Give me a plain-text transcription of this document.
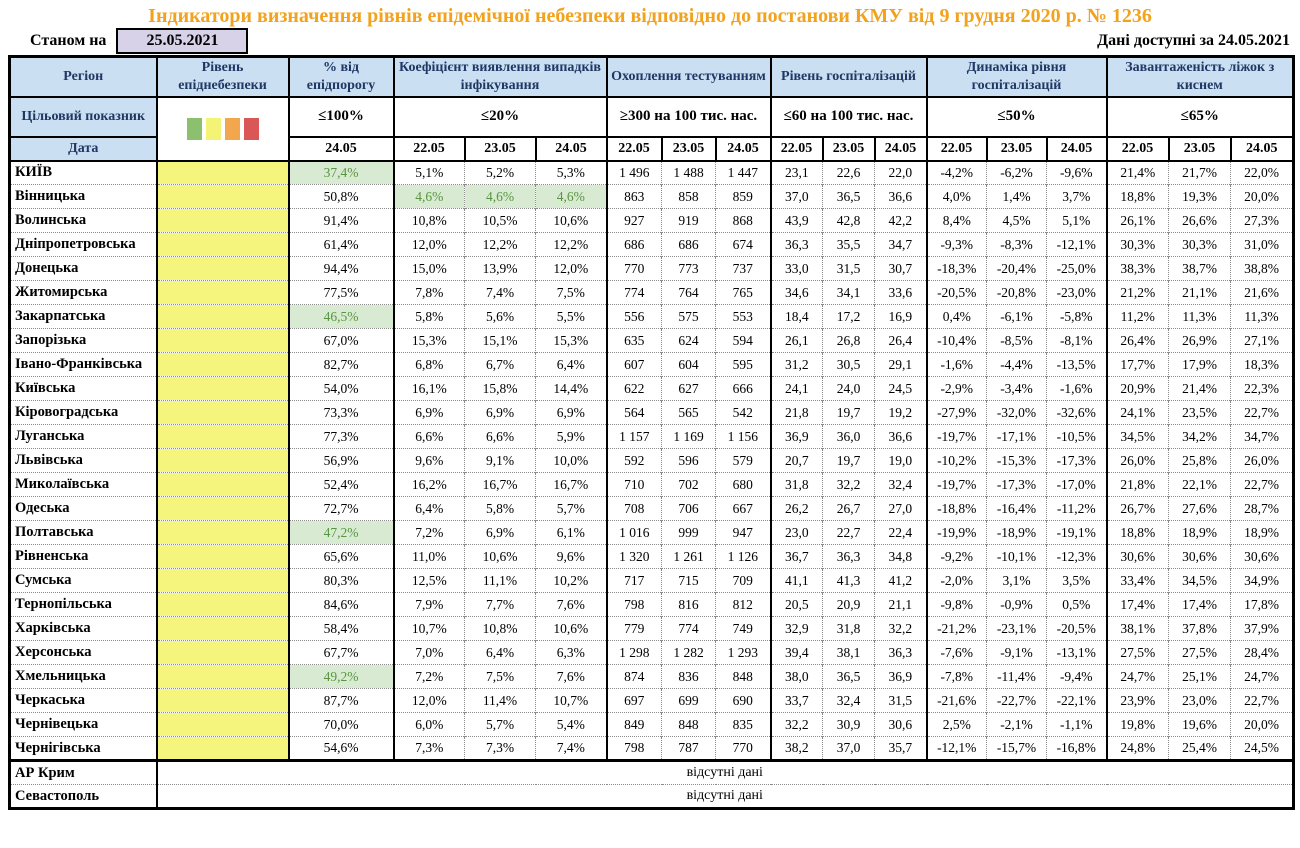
Індикатори визначення рівнів епідемічної небезпеки відповідно до постанови КМУ від 9 грудня 2020 р. № 1236
Станом на	25.05.2021	Дані доступні за 24.05.2021
Регіон	Рівень епіднебезпеки	% від епідпорогу	Коефіцієнт виявлення випадків інфікування			Охоплення тестуванням			Рівень госпіталізацій			Динаміка рівня госпіталізацій			Завантаженість ліжок з киснем		
Цільовий показник		≤100%	≤20%			≥300 на 100 тис. нас.			≤60 на 100 тис. нас.			≤50%			≤65%		
Дата		24.05	22.05	23.05	24.05	22.05	23.05	24.05	22.05	23.05	24.05	22.05	23.05	24.05	22.05	23.05	24.05
КИЇВ		37,4%	5,1%	5,2%	5,3%	1 496	1 488	1 447	23,1	22,6	22,0	-4,2%	-6,2%	-9,6%	21,4%	21,7%	22,0%
Вінницька		50,8%	4,6%	4,6%	4,6%	863	858	859	37,0	36,5	36,6	4,0%	1,4%	3,7%	18,8%	19,3%	20,0%
Волинська		91,4%	10,8%	10,5%	10,6%	927	919	868	43,9	42,8	42,2	8,4%	4,5%	5,1%	26,1%	26,6%	27,3%
Дніпропетровська		61,4%	12,0%	12,2%	12,2%	686	686	674	36,3	35,5	34,7	-9,3%	-8,3%	-12,1%	30,3%	30,3%	31,0%
Донецька		94,4%	15,0%	13,9%	12,0%	770	773	737	33,0	31,5	30,7	-18,3%	-20,4%	-25,0%	38,3%	38,7%	38,8%
Житомирська		77,5%	7,8%	7,4%	7,5%	774	764	765	34,6	34,1	33,6	-20,5%	-20,8%	-23,0%	21,2%	21,1%	21,6%
Закарпатська		46,5%	5,8%	5,6%	5,5%	556	575	553	18,4	17,2	16,9	0,4%	-6,1%	-5,8%	11,2%	11,3%	11,3%
Запорізька		67,0%	15,3%	15,1%	15,3%	635	624	594	26,1	26,8	26,4	-10,4%	-8,5%	-8,1%	26,4%	26,9%	27,1%
Івано-Франківська		82,7%	6,8%	6,7%	6,4%	607	604	595	31,2	30,5	29,1	-1,6%	-4,4%	-13,5%	17,7%	17,9%	18,3%
Київська		54,0%	16,1%	15,8%	14,4%	622	627	666	24,1	24,0	24,5	-2,9%	-3,4%	-1,6%	20,9%	21,4%	22,3%
Кіровоградська		73,3%	6,9%	6,9%	6,9%	564	565	542	21,8	19,7	19,2	-27,9%	-32,0%	-32,6%	24,1%	23,5%	22,7%
Луганська		77,3%	6,6%	6,6%	5,9%	1 157	1 169	1 156	36,9	36,0	36,6	-19,7%	-17,1%	-10,5%	34,5%	34,2%	34,7%
Львівська		56,9%	9,6%	9,1%	10,0%	592	596	579	20,7	19,7	19,0	-10,2%	-15,3%	-17,3%	26,0%	25,8%	26,0%
Миколаївська		52,4%	16,2%	16,7%	16,7%	710	702	680	31,8	32,2	32,4	-19,7%	-17,3%	-17,0%	21,8%	22,1%	22,7%
Одеська		72,7%	6,4%	5,8%	5,7%	708	706	667	26,2	26,7	27,0	-18,8%	-16,4%	-11,2%	26,7%	27,6%	28,7%
Полтавська		47,2%	7,2%	6,9%	6,1%	1 016	999	947	23,0	22,7	22,4	-19,9%	-18,9%	-19,1%	18,8%	18,9%	18,9%
Рівненська		65,6%	11,0%	10,6%	9,6%	1 320	1 261	1 126	36,7	36,3	34,8	-9,2%	-10,1%	-12,3%	30,6%	30,6%	30,6%
Сумська		80,3%	12,5%	11,1%	10,2%	717	715	709	41,1	41,3	41,2	-2,0%	3,1%	3,5%	33,4%	34,5%	34,9%
Тернопільська		84,6%	7,9%	7,7%	7,6%	798	816	812	20,5	20,9	21,1	-9,8%	-0,9%	0,5%	17,4%	17,4%	17,8%
Харківська		58,4%	10,7%	10,8%	10,6%	779	774	749	32,9	31,8	32,2	-21,2%	-23,1%	-20,5%	38,1%	37,8%	37,9%
Херсонська		67,7%	7,0%	6,4%	6,3%	1 298	1 282	1 293	39,4	38,1	36,3	-7,6%	-9,1%	-13,1%	27,5%	27,5%	28,4%
Хмельницька		49,2%	7,2%	7,5%	7,6%	874	836	848	38,0	36,5	36,9	-7,8%	-11,4%	-9,4%	24,7%	25,1%	24,7%
Черкаська		87,7%	12,0%	11,4%	10,7%	697	699	690	33,7	32,4	31,5	-21,6%	-22,7%	-22,1%	23,9%	23,0%	22,7%
Чернівецька		70,0%	6,0%	5,7%	5,4%	849	848	835	32,2	30,9	30,6	2,5%	-2,1%	-1,1%	19,8%	19,6%	20,0%
Чернігівська		54,6%	7,3%	7,3%	7,4%	798	787	770	38,2	37,0	35,7	-12,1%	-15,7%	-16,8%	24,8%	25,4%	24,5%
АР Крим	відсутні дані																
Севастополь	відсутні дані																
